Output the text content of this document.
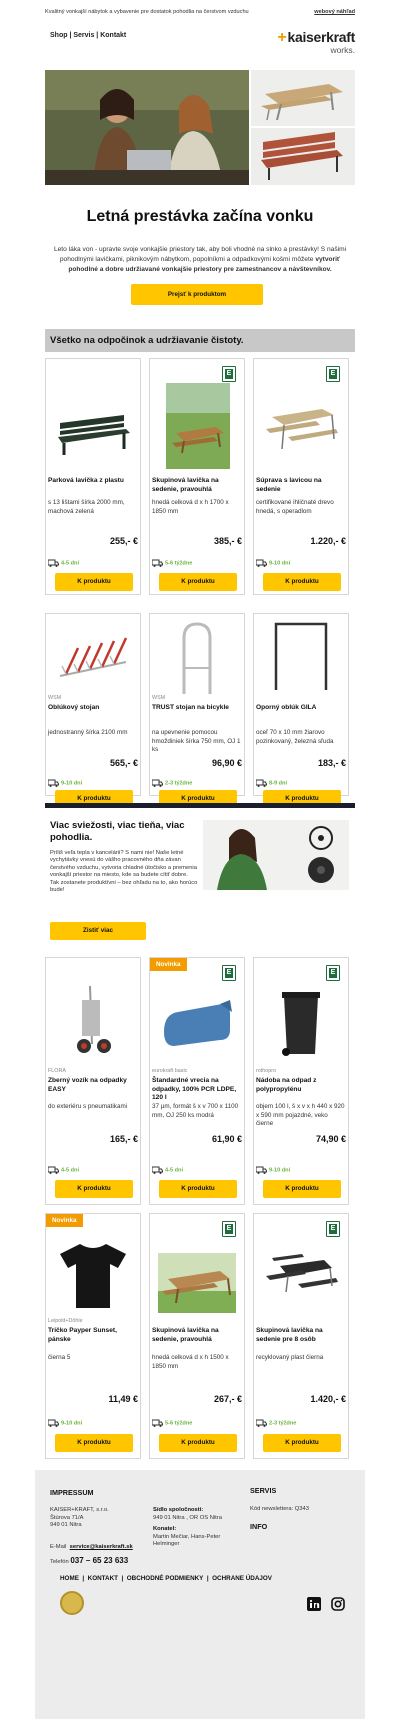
Kvalitný vonkajší nábytok a vybavenie pre dostatok pohodlia na čerstvom vzduchu	webový náhľad
Shop | Servis | Kontakt	+kaiserkraft
works.
Letná prestávka začína vonku
Leto láka von - upravte svoje vonkajšie priestory tak, aby boli vhodné na slnko a prestávky! S našimi pohodlnými lavičkami, piknikovým nábytkom, popolníkmi a odpadkovými košmi môžete vytvoriť pohodlné a dobre udržiavané vonkajšie priestory pre zamestnancov a návštevníkov.
Prejsť k produktom
Všetko na odpočinok a udržiavanie čistoty.
Parková lavička z plastu
s 13 lištami šírka 2000 mm, machová zelená
255,- €
4-5 dní
K produktu
E
Skupinová lavička na sedenie, pravouhlá
hnedá celková d x h 1700 x 1850 mm
385,- €
5-6 týždne
K produktu
E
Súprava s lavicou na sedenie
certifikované ihličnaté drevo hnedá, s operadlom
1.220,- €
9-10 dní
K produktu
WSM
Oblúkový stojan
jednostranný šírka 2100 mm
565,- €
9-10 dní
K produktu
WSM
TRUST stojan na bicykle
na upevnenie pomocou hmoždiniek šírka 750 mm, OJ 1 ks
96,90 €
2-3 týždne
K produktu
Oporný oblúk GILA
oceľ 70 x 10 mm žiarovo pozinkovaný, železná sľuda
183,- €
8-9 dní
K produktu
Viac sviežosti, viac tieňa, viac pohodlia.
Príliš veľa tepla v kancelárii? S nami nie! Naše letné vychytávky vnesú do vášho pracovného dňa závan čerstvého vzduchu, vytvoria chladné útočisko a premenia vonkajší priestor na miesto, kde sa budete cítiť dobre. Tak zostanete produktívni – bez ohľadu na to, ako horúco bude!
Zistiť viac
FLORA
Zberný vozík na odpadky EASY
do exteriéru s pneumatikami
165,- €
4-5 dní
K produktu
Novinka
E
eurokraft basic
Štandardné vrecia na odpadky, 100% PCR LDPE, 120 l
37 µm, formát š x v 700 x 1100 mm, OJ 250 ks modrá
61,90 €
4-5 dní
K produktu
E
rothopro
Nádoba na odpad z polypropylénu
objem 100 l, š x v x h 440 x 920 x 590 mm pojazdné, veko čierne
74,90 €
9-10 dní
K produktu
Novinka
Leipold+Döhle
Tričko Payper Sunset, pánske
čierna 5
11,49 €
9-10 dní
K produktu
E
Skupinová lavička na sedenie, pravouhlá
hnedá celková d x h 1500 x 1850 mm
267,- €
5-6 týždne
K produktu
E
Skupinová lavička na sedenie pre 8 osôb
recyklovaný plast čierna
1.420,- €
2-3 týždne
K produktu
IMPRESSUM
KAISER+KRAFT, s.r.o.
Štúrova 71/A
949 01 Nitra
E-Mail service@kaiserkraft.sk
Telefón 037 – 65 23 633
Sídlo spoločnosti:
949 01 Nitra , OR OS Nitra
Konatel:
Martin Mečiar, Hans-Peter Helminger
SERVIS
Kód newslettera: Q343
INFO
HOME  |  KONTAKT  |  OBCHODNÉ PODMIENKY  |  OCHRANE ÚDAJOV
